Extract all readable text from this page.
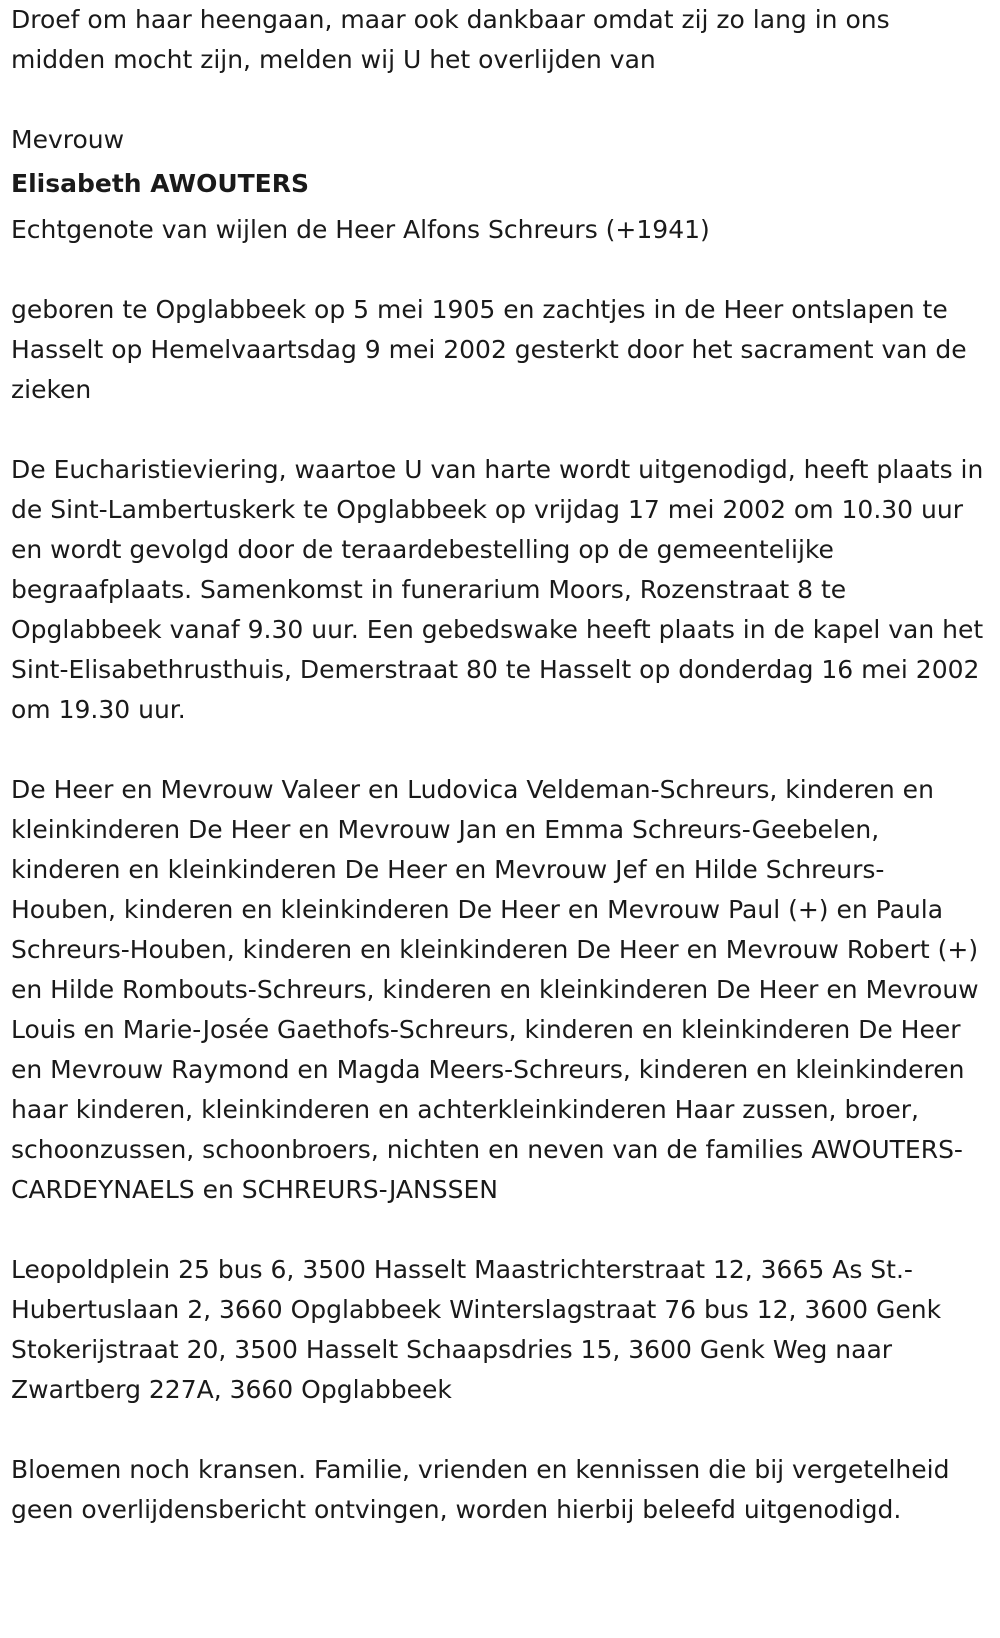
Droef om haar heengaan, maar ook dankbaar omdat zij zo lang in ons midden mocht zijn, melden wij U het overlijden van

Mevrouw

Elisabeth AWOUTERS

Echtgenote van wijlen de Heer Alfons Schreurs (+1941)

geboren te Opglabbeek op 5 mei 1905 en zachtjes in de Heer ontslapen te Hasselt op Hemelvaartsdag 9 mei 2002 gesterkt door het sacrament van de zieken

De Eucharistieviering, waartoe U van harte wordt uitgenodigd, heeft plaats in de Sint-Lambertuskerk te Opglabbeek op vrijdag 17 mei 2002 om 10.30 uur en wordt gevolgd door de teraardebestelling op de gemeentelijke begraafplaats. Samenkomst in funerarium Moors, Rozenstraat 8 te Opglabbeek vanaf 9.30 uur. Een gebedswake heeft plaats in de kapel van het Sint-Elisabethrusthuis, Demerstraat 80 te Hasselt op donderdag 16 mei 2002 om 19.30 uur.

De Heer en Mevrouw Valeer en Ludovica Veldeman-Schreurs, kinderen en kleinkinderen De Heer en Mevrouw Jan en Emma Schreurs-Geebelen, kinderen en kleinkinderen De Heer en Mevrouw Jef en Hilde Schreurs-Houben, kinderen en kleinkinderen De Heer en Mevrouw Paul (+) en Paula Schreurs-Houben, kinderen en kleinkinderen De Heer en Mevrouw Robert (+) en Hilde Rombouts-Schreurs, kinderen en kleinkinderen De Heer en Mevrouw Louis en Marie-Josée Gaethofs-Schreurs, kinderen en kleinkinderen De Heer en Mevrouw Raymond en Magda Meers-Schreurs, kinderen en kleinkinderen haar kinderen, kleinkinderen en achterkleinkinderen Haar zussen, broer, schoonzussen, schoonbroers, nichten en neven van de families AWOUTERS-CARDEYNAELS en SCHREURS-JANSSEN

Leopoldplein 25 bus 6, 3500 Hasselt Maastrichterstraat 12, 3665 As St.-Hubertuslaan 2, 3660 Opglabbeek Winterslagstraat 76 bus 12, 3600 Genk Stokerijstraat 20, 3500 Hasselt Schaapsdries 15, 3600 Genk Weg naar Zwartberg 227A, 3660 Opglabbeek

Bloemen noch kransen. Familie, vrienden en kennissen die bij vergetelheid geen overlijdensbericht ontvingen, worden hierbij beleefd uitgenodigd.
